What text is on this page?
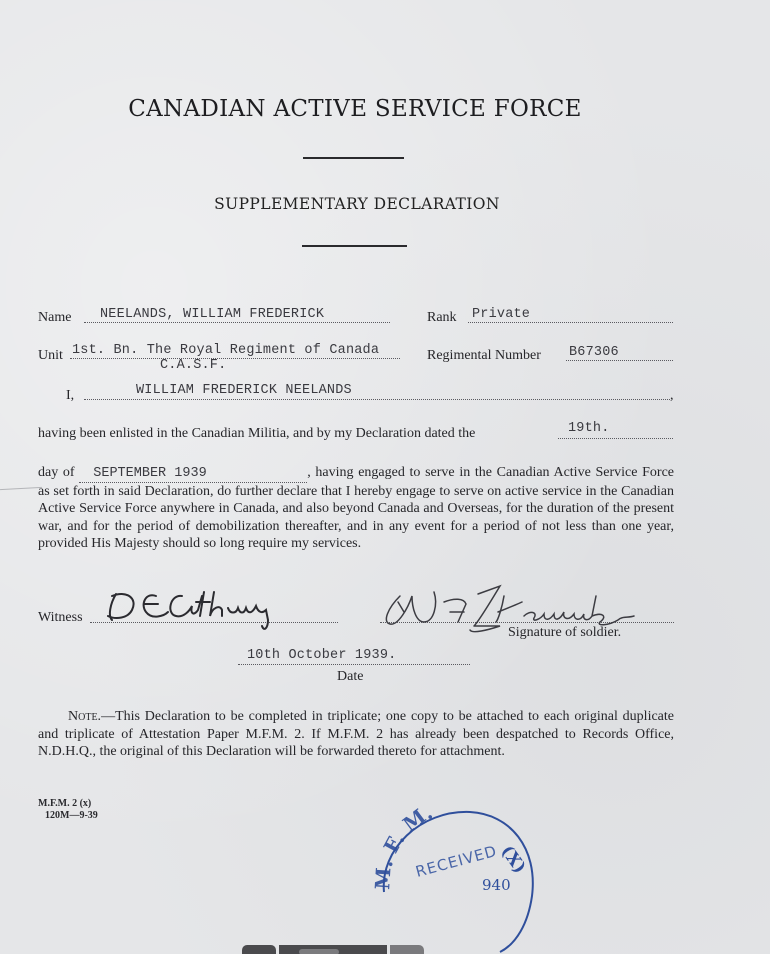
CANADIAN ACTIVE SERVICE FORCE
SUPPLEMENTARY DECLARATION
Name NEELANDS, WILLIAM FREDERICK	Rank Private
Unit 1st. Bn. The Royal Regiment of Canada
C.A.S.F.
Regimental Number B67306
I,	,
WILLIAM FREDERICK NEELANDS
having been enlisted in the Canadian Militia, and by my Declaration dated the	19th.
day of SEPTEMBER 1939	, having engaged to serve in the Canadian Active Service Force as set forth in said Declaration, do further declare that I hereby engage to serve on active service in the Canadian Active Service Force anywhere in Canada, and also beyond Canada and Overseas, for the duration of the present war, and for the period of demobilization thereafter, and in any event for a period of not less than one year, provided His Majesty should so long require my services.
Witness
Signature of soldier.
10th October 1939.
Date
Note.—This Declaration to be completed in triplicate; one copy to be attached to each original duplicate and triplicate of Attestation Paper M.F.M. 2. If M.F.M. 2 has already been despatched to Records Office, N.D.H.Q., the original of this Declaration will be forwarded thereto for attachment.
M.F.M. 2 (x)
120M—9-39
M. F. M.
(X)
RECEIVED
940
